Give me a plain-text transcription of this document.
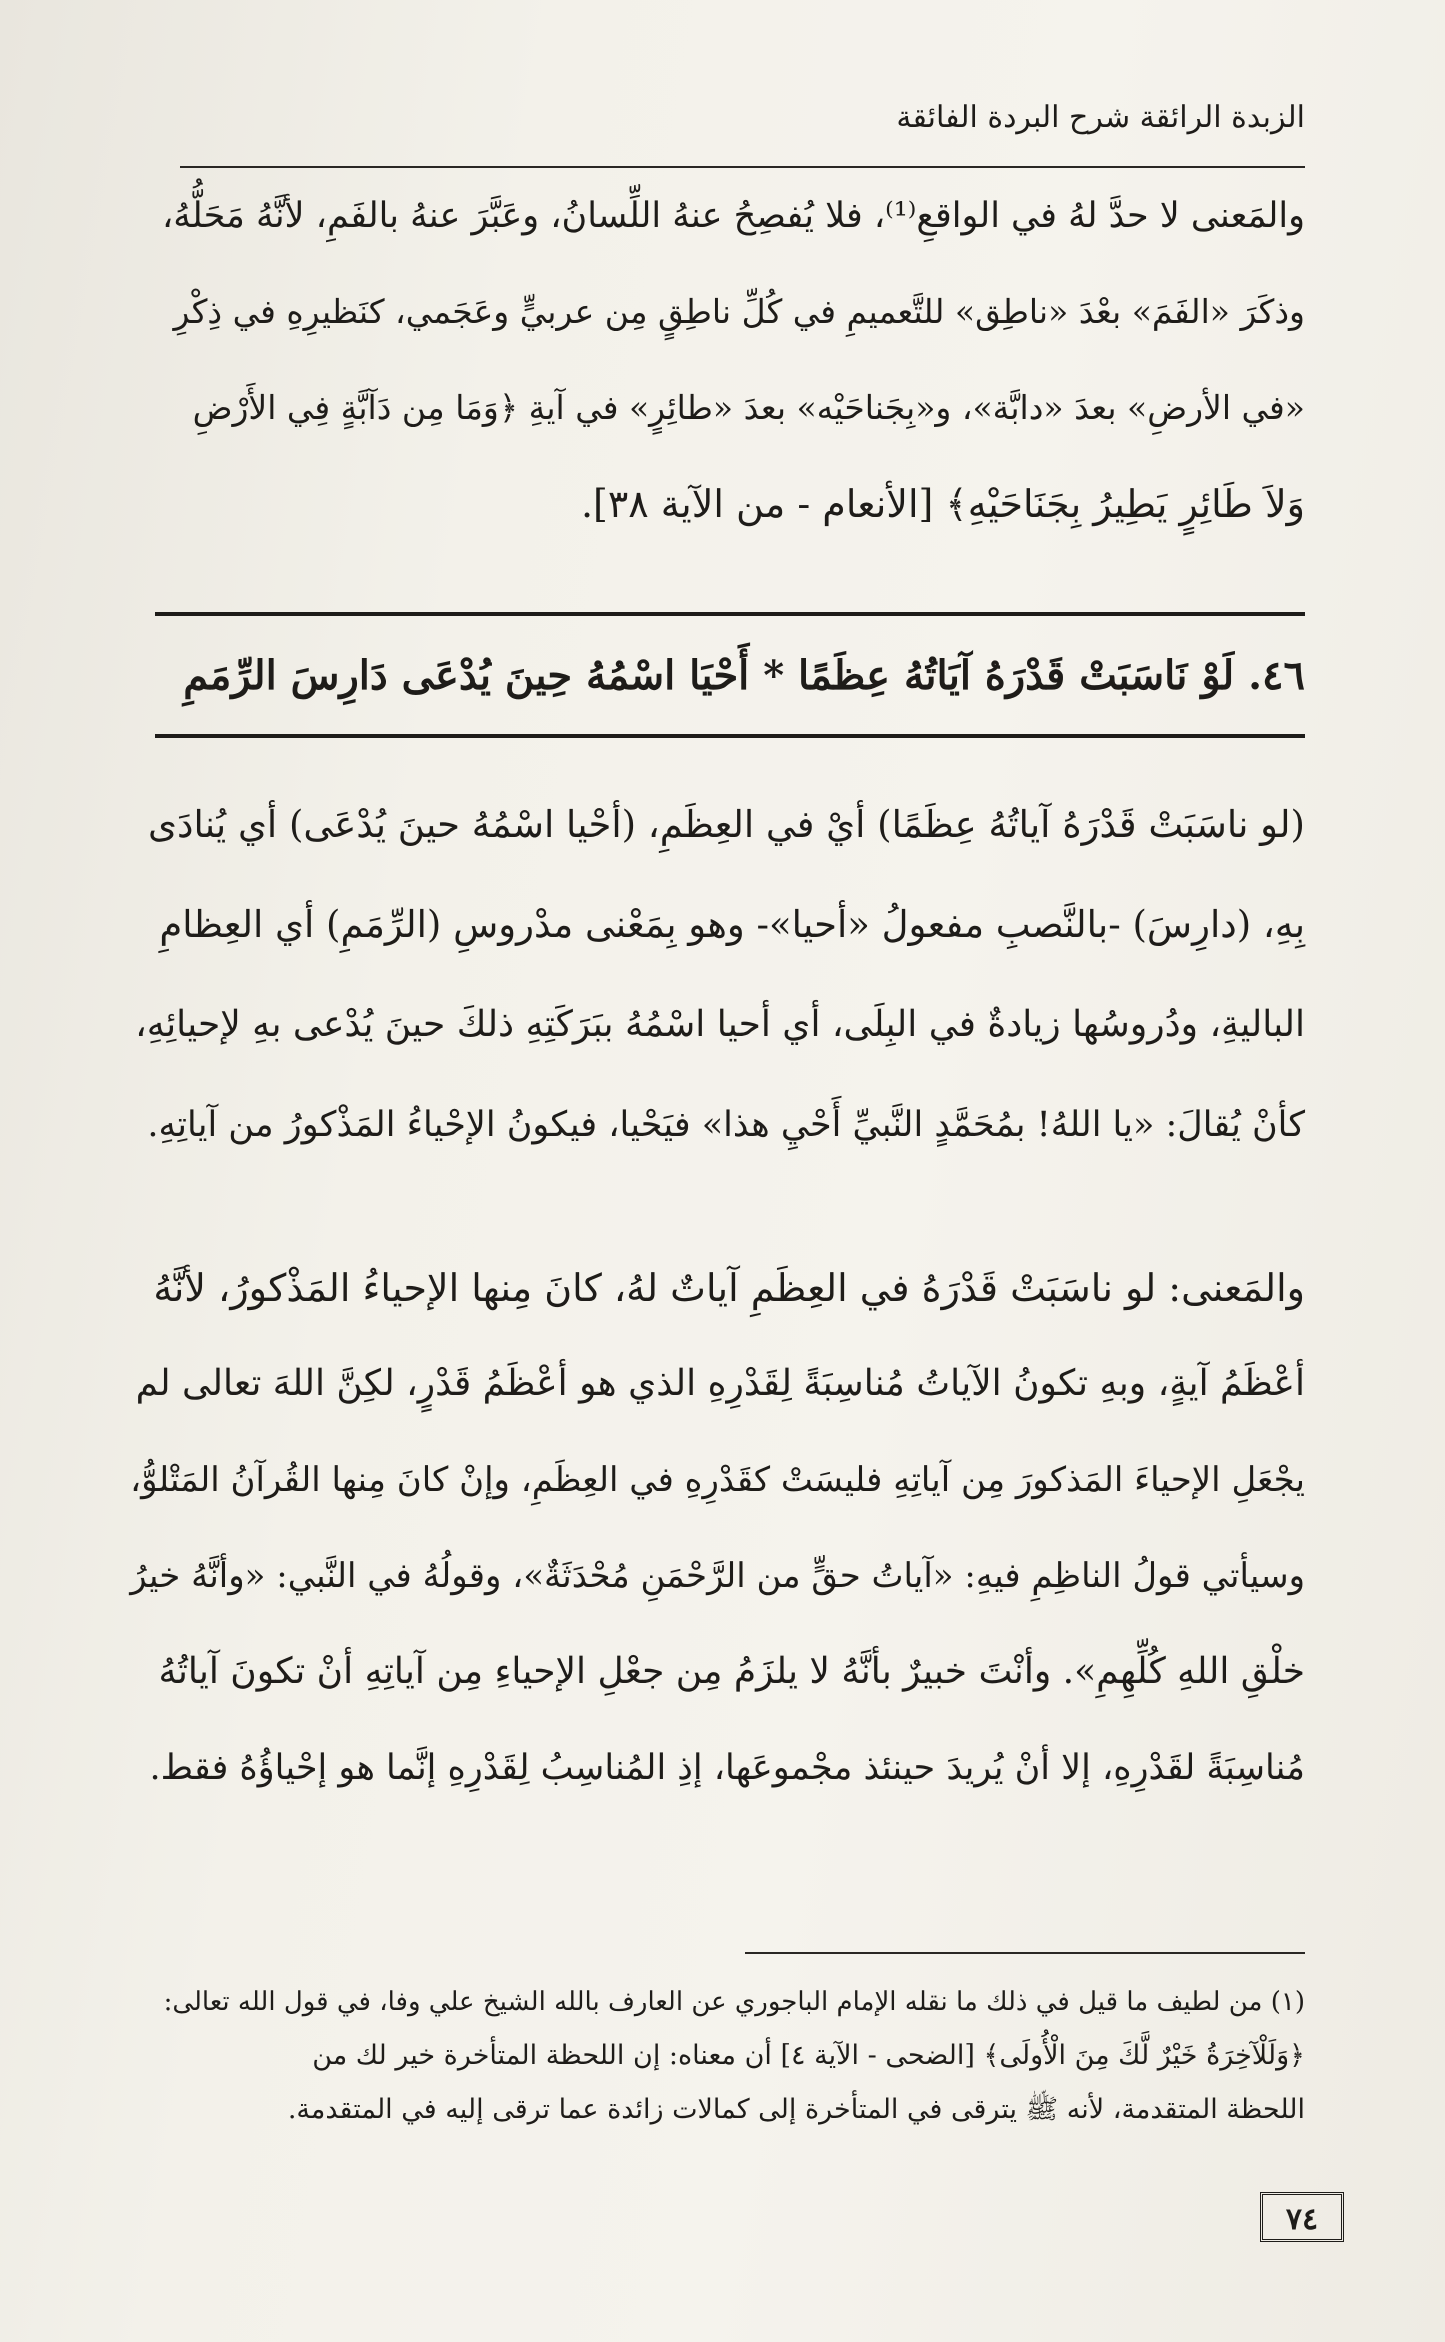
الزبدة الرائقة شرح البردة الفائقة

والمَعنى لا حدَّ لهُ في الواقعِ⁽¹⁾، فلا يُفصِحُ عنهُ اللِّسانُ، وعَبَّرَ عنهُ بالفَمِ، لأنَّهُ مَحَلُّهُ،

وذكَرَ «الفَمَ» بعْدَ «ناطِق» للتَّعميمِ في كُلِّ ناطِقٍ مِن عربيٍّ وعَجَمي، كنَظيرِهِ في ذِكْرِ

«في الأرضِ» بعدَ «دابَّة»، و«بِجَناحَيْه» بعدَ «طائِرٍ» في آيةِ ﴿وَمَا مِن دَآبَّةٍ فِي الأَرْضِ

وَلاَ طَائِرٍ يَطِيرُ بِجَنَاحَيْهِ﴾ [الأنعام - من الآية ٣٨].

٤٦. لَوْ نَاسَبَتْ قَدْرَهُ آيَاتُهُ عِظَمًا * أَحْيَا اسْمُهُ حِينَ يُدْعَى دَارِسَ الرِّمَمِ

(لو ناسَبَتْ قَدْرَهُ آياتُهُ عِظَمًا) أيْ في العِظَمِ، (أحْيا اسْمُهُ حينَ يُدْعَى) أي يُنادَى

بِهِ، (دارِسَ) -بالنَّصبِ مفعولُ «أحيا»- وهو بِمَعْنى مدْروسِ (الرِّمَمِ) أي العِظامِ

الباليةِ، ودُروسُها زيادةٌ في البِلَى، أي أحيا اسْمُهُ ببَرَكَتِهِ ذلكَ حينَ يُدْعى بهِ لإحيائِهِ،

كأنْ يُقالَ: «يا اللهُ! بمُحَمَّدٍ النَّبيِّ أَحْيِ هذا» فيَحْيا، فيكونُ الإحْياءُ المَذْكورُ من آياتِهِ.

والمَعنى: لو ناسَبَتْ قَدْرَهُ في العِظَمِ آياتٌ لهُ، كانَ مِنها الإحياءُ المَذْكورُ، لأنَّهُ

أعْظَمُ آيةٍ، وبهِ تكونُ الآياتُ مُناسِبَةً لِقَدْرِهِ الذي هو أعْظَمُ قَدْرٍ، لكِنَّ اللهَ تعالى لم

يجْعَلِ الإحياءَ المَذكورَ مِن آياتِهِ فليسَتْ كقَدْرِهِ في العِظَمِ، وإنْ كانَ مِنها القُرآنُ المَتْلوُّ،

وسيأتي قولُ الناظِمِ فيهِ: «آياتُ حقٍّ من الرَّحْمَنِ مُحْدَثَةٌ»، وقولُهُ في النَّبي: «وأنَّهُ خيرُ

خلْقِ اللهِ كُلِّهِمِ». وأنْتَ خبيرٌ بأنَّهُ لا يلزَمُ مِن جعْلِ الإحياءِ مِن آياتِهِ أنْ تكونَ آياتُهُ

مُناسِبَةً لقَدْرِهِ، إلا أنْ يُريدَ حينئذ مجْموعَها، إذِ المُناسِبُ لِقَدْرِهِ إنَّما هو إحْياؤُهُ فقط.

(١) من لطيف ما قيل في ذلك ما نقله الإمام الباجوري عن العارف بالله الشيخ علي وفا، في قول الله تعالى:

﴿وَلَلْآخِرَةُ خَيْرٌ لَّكَ مِنَ الْأُولَى﴾ [الضحى - الآية ٤] أن معناه: إن اللحظة المتأخرة خير لك من

اللحظة المتقدمة، لأنه ﷺ يترقى في المتأخرة إلى كمالات زائدة عما ترقى إليه في المتقدمة.

٧٤
